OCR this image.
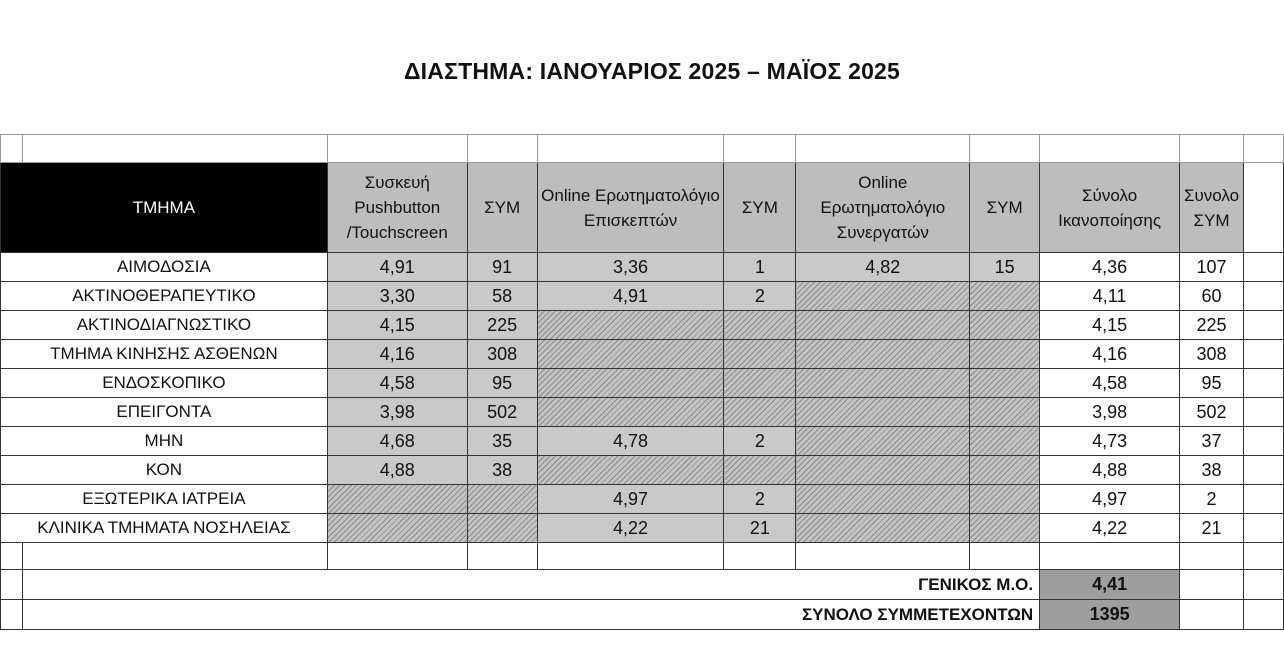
ΔΙΑΣΤΗΜΑ: ΙΑΝΟΥΑΡΙΟΣ 2025 – ΜΑΪΟΣ 2025

ΤΜΗΜΑ		Συσκευή Pushbutton /Touchscreen	ΣΥΜ	Online Ερωτηματολόγιο Επισκεπτών	ΣΥΜ	Online Ερωτηματολόγιο Συνεργατών	ΣΥΜ	Σύνολο Ικανοποίησης	Συνολο ΣΥΜ	
ΑΙΜΟΔΟΣΙΑ		4,91	91	3,36	1	4,82	15	4,36	107	
ΑΚΤΙΝΟΘΕΡΑΠΕΥΤΙΚΟ		3,30	58	4,91	2			4,11	60	
ΑΚΤΙΝΟΔΙΑΓΝΩΣΤΙΚΟ		4,15	225					4,15	225	
ΤΜΗΜΑ ΚΙΝΗΣΗΣ ΑΣΘΕΝΩΝ		4,16	308					4,16	308	
ΕΝΔΟΣΚΟΠΙΚΟ		4,58	95					4,58	95	
ΕΠΕΙΓΟΝΤΑ		3,98	502					3,98	502	
ΜΗΝ		4,68	35	4,78	2			4,73	37	
ΚΟΝ		4,88	38					4,88	38	
ΕΞΩΤΕΡΙΚΑ ΙΑΤΡΕΙΑ				4,97	2			4,97	2	
ΚΛΙΝΙΚΑ ΤΜΗΜΑΤΑ ΝΟΣΗΛΕΙΑΣ				4,22	21			4,22	21	

	ΓΕΝΙΚΟΣ Μ.Ο.							4,41		
	ΣΥΝΟΛΟ ΣΥΜΜΕΤΕΧΟΝΤΩΝ							1395		
